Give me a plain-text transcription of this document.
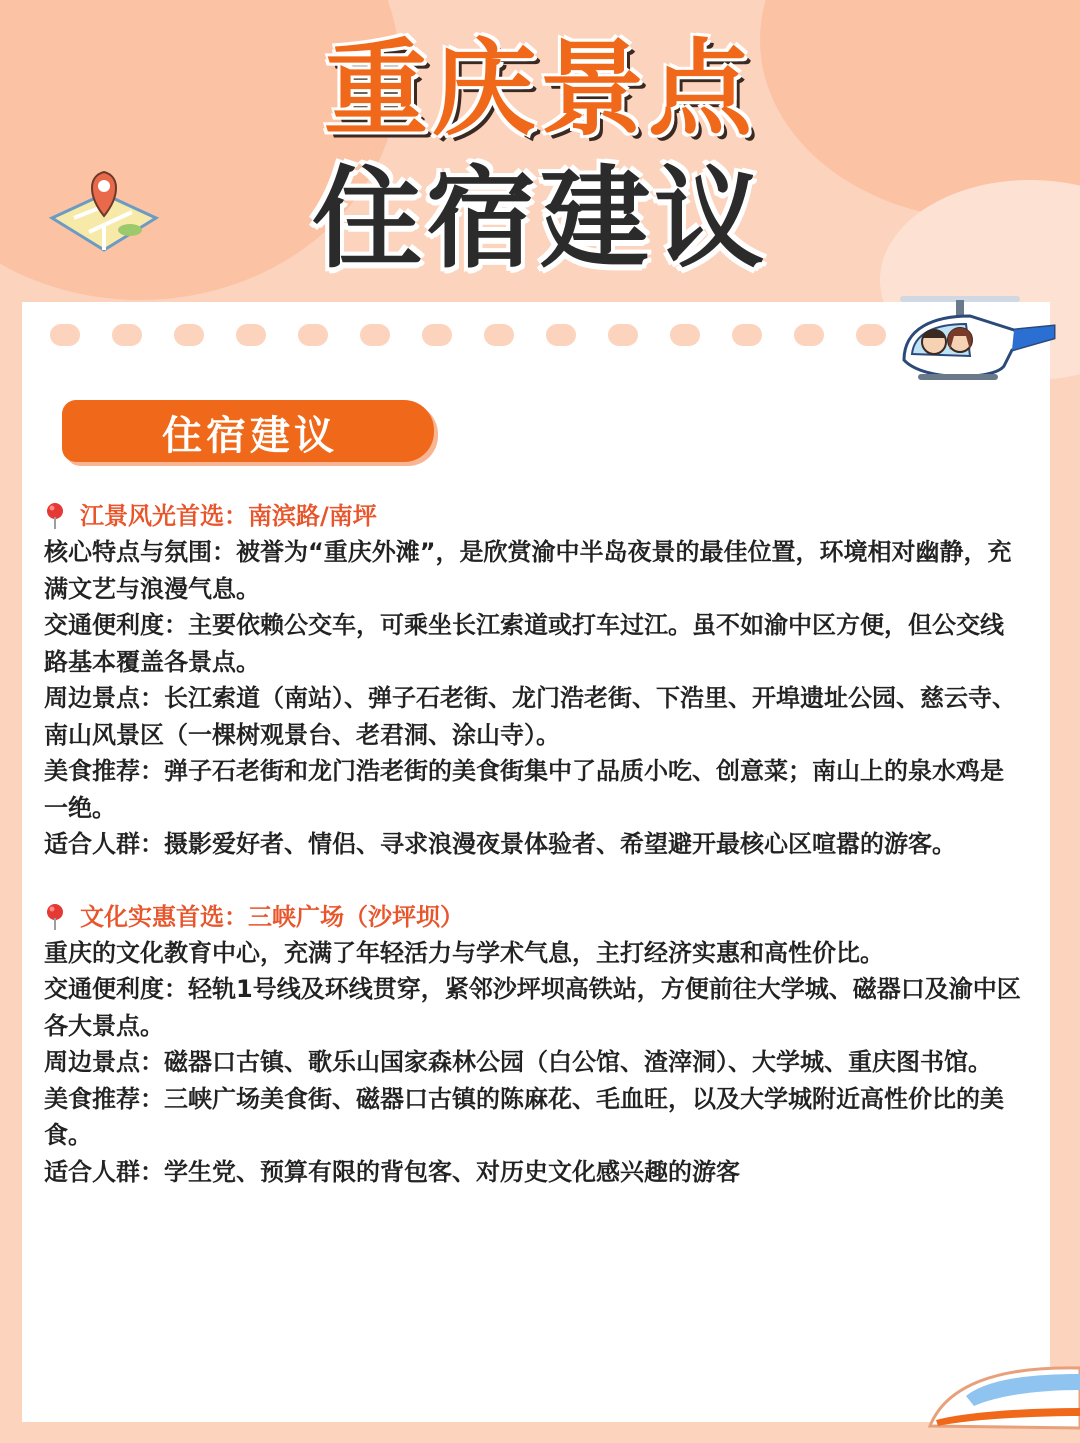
重庆景点
住宿建议
住宿建议
江景风光首选：南滨路/南坪

核心特点与氛围：被誉为“重庆外滩”，是欣赏渝中半岛夜景的最佳位置，环境相对幽静，充满文艺与浪漫气息。

交通便利度：主要依赖公交车，可乘坐长江索道或打车过江。虽不如渝中区方便，但公交线路基本覆盖各景点。

周边景点：长江索道（南站）、弹子石老街、龙门浩老街、下浩里、开埠遗址公园、慈云寺、南山风景区（一棵树观景台、老君洞、涂山寺）。

美食推荐：弹子石老街和龙门浩老街的美食街集中了品质小吃、创意菜；南山上的泉水鸡是一绝。

适合人群：摄影爱好者、情侣、寻求浪漫夜景体验者、希望避开最核心区喧嚣的游客。

文化实惠首选：三峡广场（沙坪坝）

重庆的文化教育中心，充满了年轻活力与学术气息，主打经济实惠和高性价比。

交通便利度：轻轨1号线及环线贯穿，紧邻沙坪坝高铁站，方便前往大学城、磁器口及渝中区各大景点。

周边景点：磁器口古镇、歌乐山国家森林公园（白公馆、渣滓洞）、大学城、重庆图书馆。

美食推荐：三峡广场美食街、磁器口古镇的陈麻花、毛血旺，以及大学城附近高性价比的美食。

适合人群：学生党、预算有限的背包客、对历史文化感兴趣的游客
